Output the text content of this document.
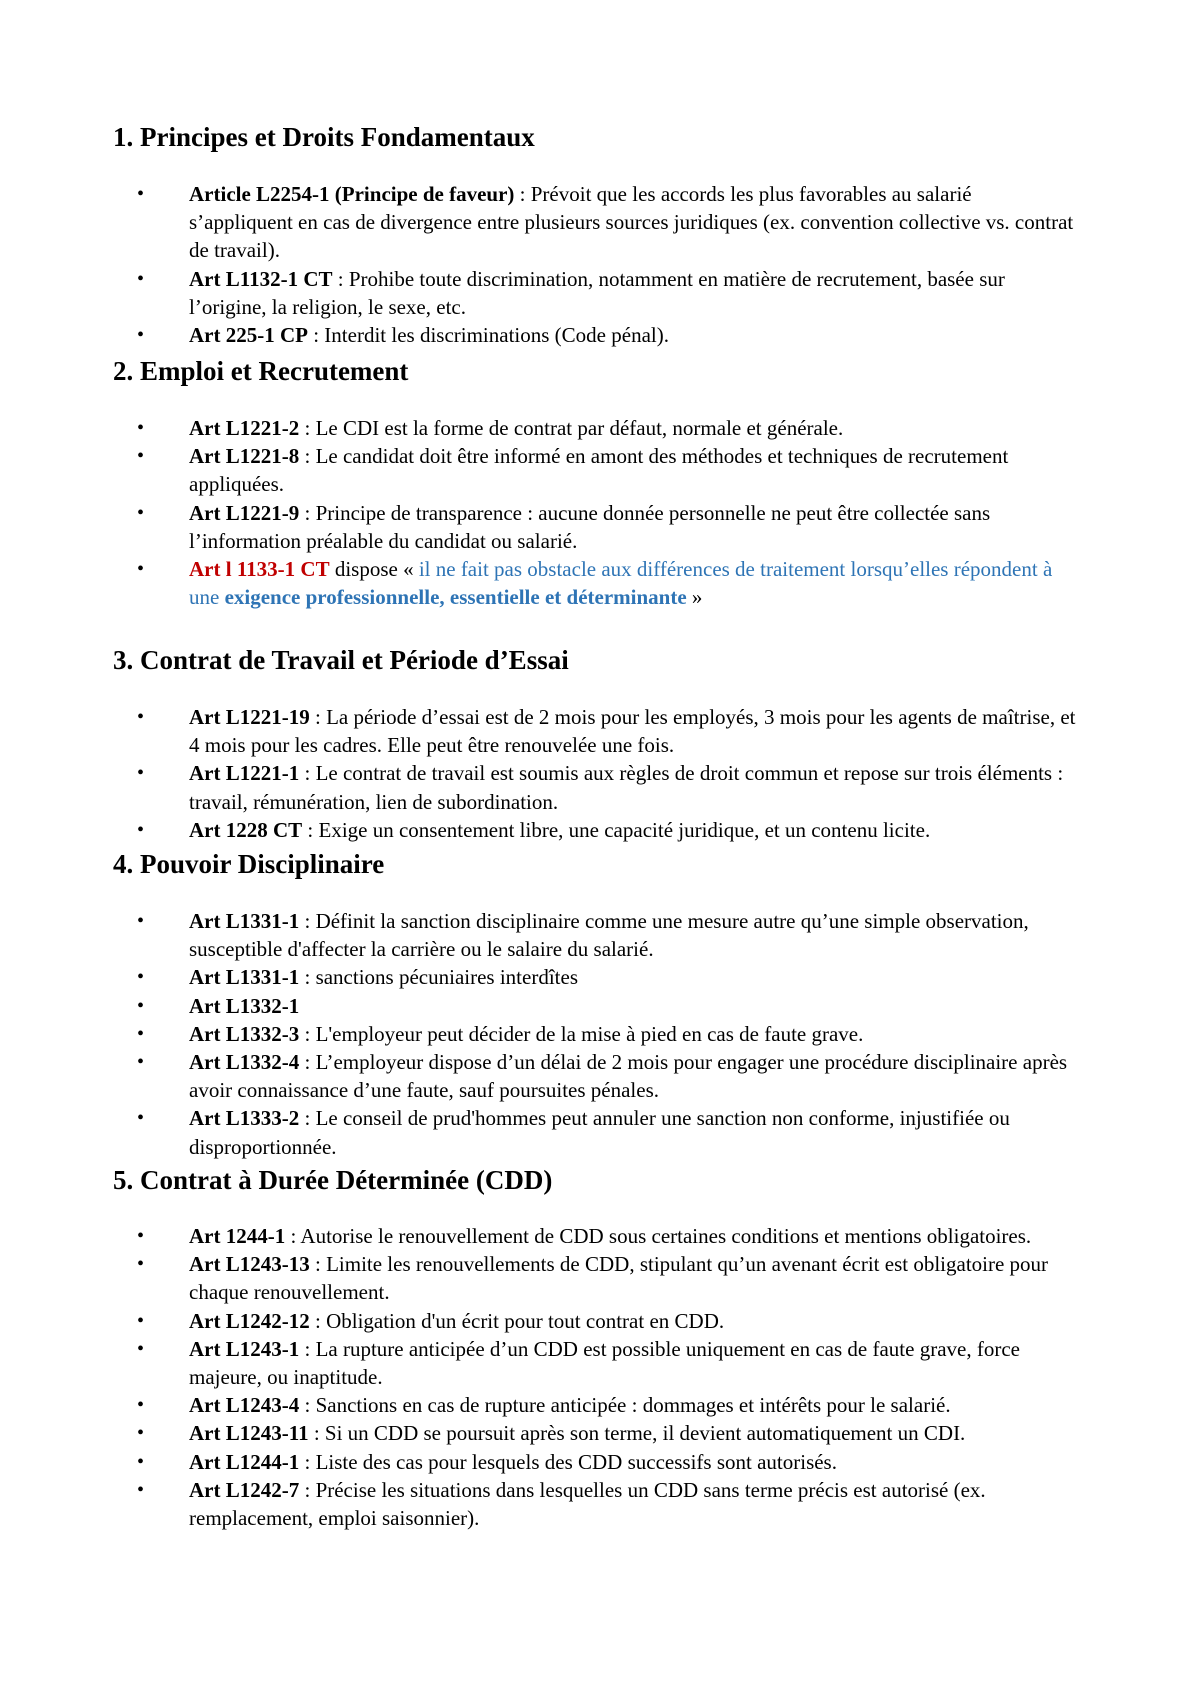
1. Principes et Droits Fondamentaux
• Article L2254-1 (Principe de faveur) : Prévoit que les accords les plus favorables au salarié s’appliquent en cas de divergence entre plusieurs sources juridiques (ex. convention collective vs. contrat de travail).
• Art L1132-1 CT : Prohibe toute discrimination, notamment en matière de recrutement, basée sur l’origine, la religion, le sexe, etc.
• Art 225-1 CP : Interdit les discriminations (Code pénal).
2. Emploi et Recrutement
• Art L1221-2 : Le CDI est la forme de contrat par défaut, normale et générale.
• Art L1221-8 : Le candidat doit être informé en amont des méthodes et techniques de recrutement appliquées.
• Art L1221-9 : Principe de transparence : aucune donnée personnelle ne peut être collectée sans l’information préalable du candidat ou salarié.
• Art l 1133-1 CT dispose « il ne fait pas obstacle aux différences de traitement lorsqu’elles répondent à une exigence professionnelle, essentielle et déterminante »
3. Contrat de Travail et Période d’Essai
• Art L1221-19 : La période d’essai est de 2 mois pour les employés, 3 mois pour les agents de maîtrise, et 4 mois pour les cadres. Elle peut être renouvelée une fois.
• Art L1221-1 : Le contrat de travail est soumis aux règles de droit commun et repose sur trois éléments : travail, rémunération, lien de subordination.
• Art 1228 CT : Exige un consentement libre, une capacité juridique, et un contenu licite.
4. Pouvoir Disciplinaire
• Art L1331-1 : Définit la sanction disciplinaire comme une mesure autre qu’une simple observation, susceptible d'affecter la carrière ou le salaire du salarié.
• Art L1331-1 : sanctions pécuniaires interdîtes
• Art L1332-1
• Art L1332-3 : L'employeur peut décider de la mise à pied en cas de faute grave.
• Art L1332-4 : L’employeur dispose d’un délai de 2 mois pour engager une procédure disciplinaire après avoir connaissance d’une faute, sauf poursuites pénales.
• Art L1333-2 : Le conseil de prud'hommes peut annuler une sanction non conforme, injustifiée ou disproportionnée.
5. Contrat à Durée Déterminée (CDD)
• Art 1244-1 : Autorise le renouvellement de CDD sous certaines conditions et mentions obligatoires.
• Art L1243-13 : Limite les renouvellements de CDD, stipulant qu’un avenant écrit est obligatoire pour chaque renouvellement.
• Art L1242-12 : Obligation d'un écrit pour tout contrat en CDD.
• Art L1243-1 : La rupture anticipée d’un CDD est possible uniquement en cas de faute grave, force majeure, ou inaptitude.
• Art L1243-4 : Sanctions en cas de rupture anticipée : dommages et intérêts pour le salarié.
• Art L1243-11 : Si un CDD se poursuit après son terme, il devient automatiquement un CDI.
• Art L1244-1 : Liste des cas pour lesquels des CDD successifs sont autorisés.
• Art L1242-7 : Précise les situations dans lesquelles un CDD sans terme précis est autorisé (ex. remplacement, emploi saisonnier).
